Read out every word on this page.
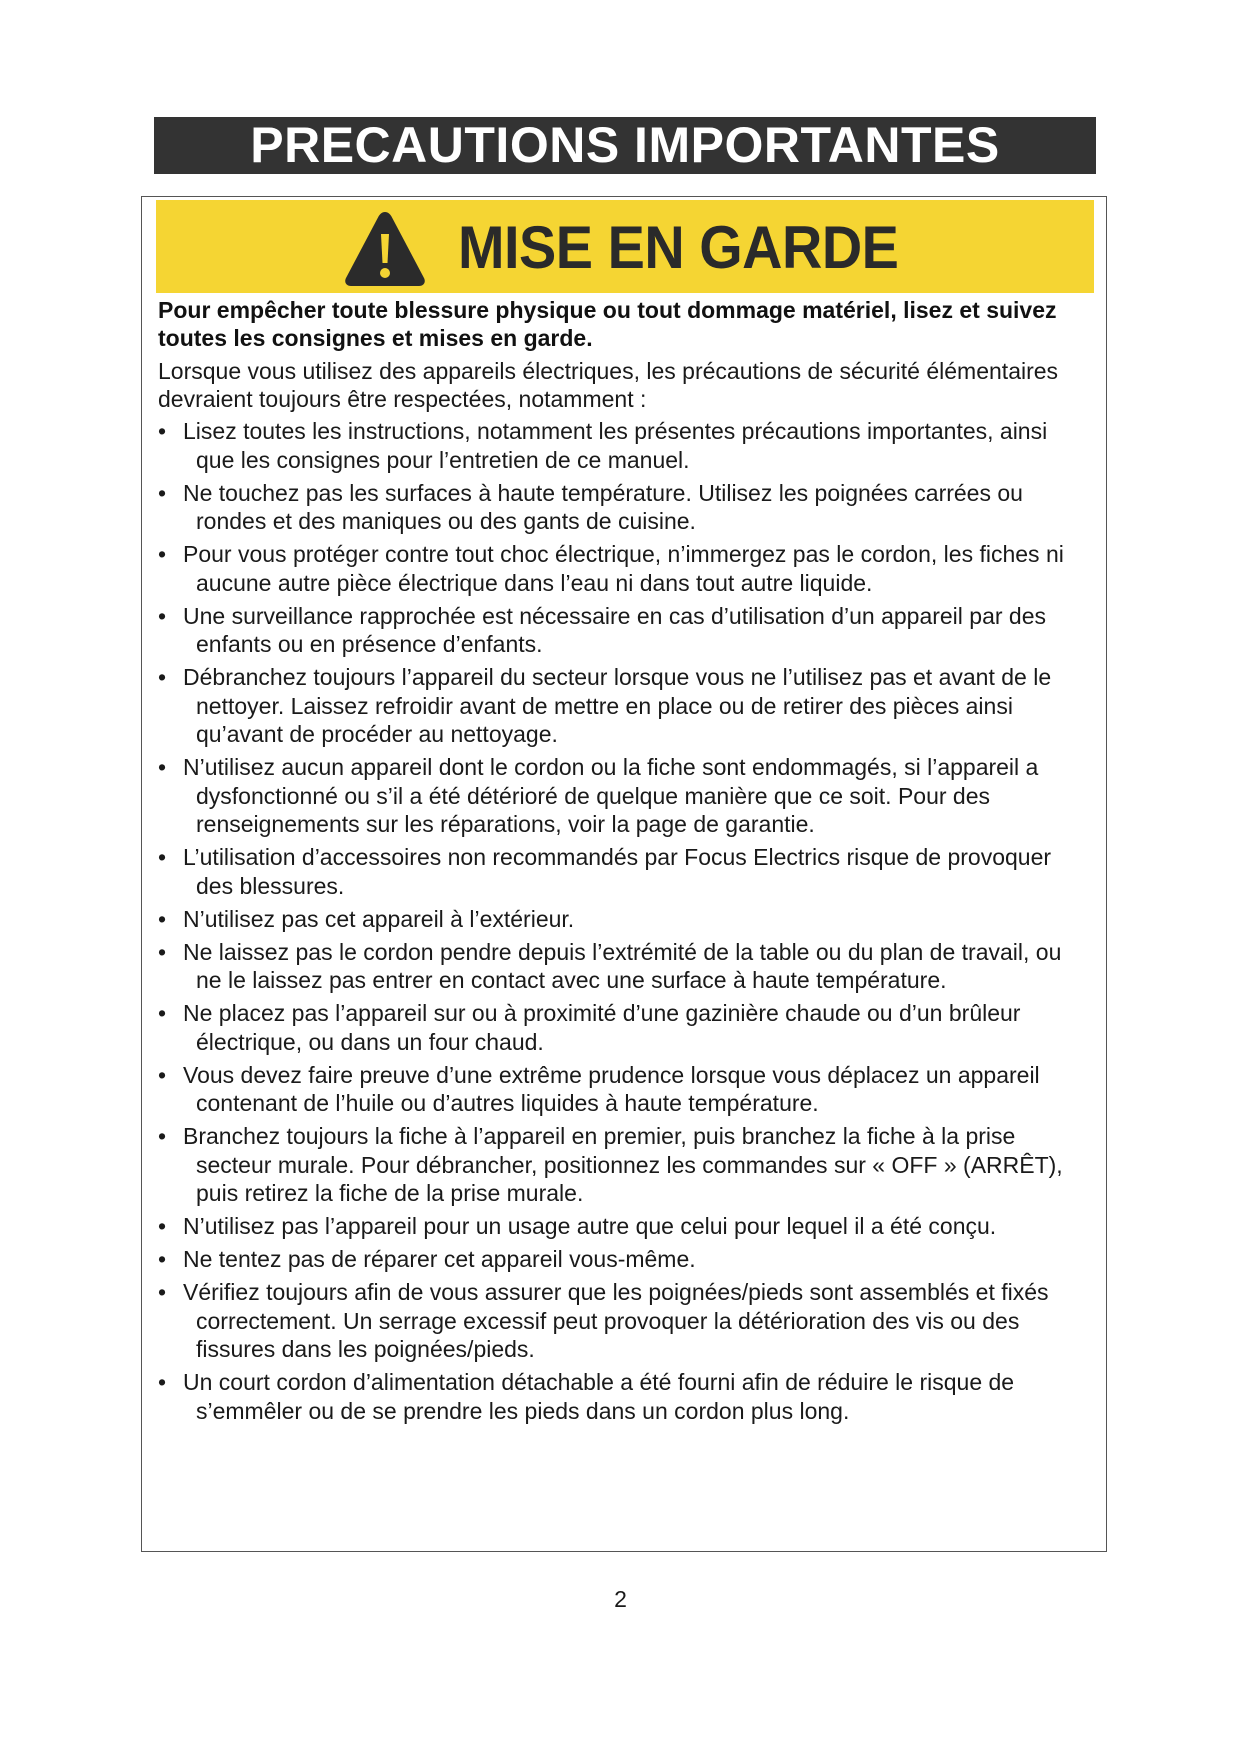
PRECAUTIONS IMPORTANTES
MISE EN GARDE

Pour empêcher toute blessure physique ou tout dommage matériel, lisez et suivez toutes les consignes et mises en garde.

Lorsque vous utilisez des appareils électriques, les précautions de sécurité élémentaires devraient toujours être respectées, notamment :

• Lisez toutes les instructions, notamment les présentes précautions importantes, ainsi que les consignes pour l’entretien de ce manuel.
• Ne touchez pas les surfaces à haute température. Utilisez les poignées carrées ou rondes et des maniques ou des gants de cuisine.
• Pour vous protéger contre tout choc électrique, n’immergez pas le cordon, les fiches ni aucune autre pièce électrique dans l’eau ni dans tout autre liquide.
• Une surveillance rapprochée est nécessaire en cas d’utilisation d’un appareil par des enfants ou en présence d’enfants.
• Débranchez toujours l’appareil du secteur lorsque vous ne l’utilisez pas et avant de le nettoyer. Laissez refroidir avant de mettre en place ou de retirer des pièces ainsi qu’avant de procéder au nettoyage.
• N’utilisez aucun appareil dont le cordon ou la fiche sont endommagés, si l’appareil a dysfonctionné ou s’il a été détérioré de quelque manière que ce soit. Pour des renseignements sur les réparations, voir la page de garantie.
• L’utilisation d’accessoires non recommandés par Focus Electrics risque de provoquer des blessures.
• N’utilisez pas cet appareil à l’extérieur.
• Ne laissez pas le cordon pendre depuis l’extrémité de la table ou du plan de travail, ou ne le laissez pas entrer en contact avec une surface à haute température.
• Ne placez pas l’appareil sur ou à proximité d’une gazinière chaude ou d’un brûleur électrique, ou dans un four chaud.
• Vous devez faire preuve d’une extrême prudence lorsque vous déplacez un appareil contenant de l’huile ou d’autres liquides à haute température.
• Branchez toujours la fiche à l’appareil en premier, puis branchez la fiche à la prise secteur murale. Pour débrancher, positionnez les commandes sur « OFF » (ARRÊT), puis retirez la fiche de la prise murale.
• N’utilisez pas l’appareil pour un usage autre que celui pour lequel il a été conçu.
• Ne tentez pas de réparer cet appareil vous-même.
• Vérifiez toujours afin de vous assurer que les poignées/pieds sont assemblés et fixés correctement. Un serrage excessif peut provoquer la détérioration des vis ou des fissures dans les poignées/pieds.
• Un court cordon d’alimentation détachable a été fourni afin de réduire le risque de s’emmêler ou de se prendre les pieds dans un cordon plus long.
2
